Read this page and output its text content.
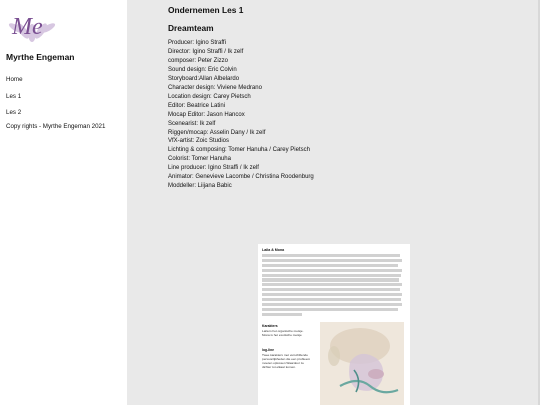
Me
Myrthe Engeman
Home
Les 1
Les 2
Copy rights - Myrthe Engeman 2021
Ondernemen Les 1
Dreamteam
Producer: Igino Straffi
Director: Igino Straffi / Ik zelf
composer: Peter Zizzo
Sound design: Eric Colvin
Storyboard:Allan Albelardo
Character design: Viviene Medrano
Location design: Carey Pietsch
Editor: Beatrice Latini
Mocap Editor: Jason Hancox
Scenearist: Ik zelf
Riggen/mocap: Asselin Dany / Ik zelf
VfX-artist: Zoic Studios
Lichting & composing: Tomer Hanuha / Carey Pietsch
Colorist: Tomer Hanuha
Line producer: Igino Straffi / Ik zelf
Animator: Genevieve Lacombe / Christina Roodenburg
Moddeller: Liijana Babic
Laila & Mona
Karakters
Laila is het organische meisje.
Mona is het exotische meisje
log-line
Twee karakters met verschillende persoonlijkheden die een probleem moeten oplossen Waardoor ze dichter tot elkaar komen.
